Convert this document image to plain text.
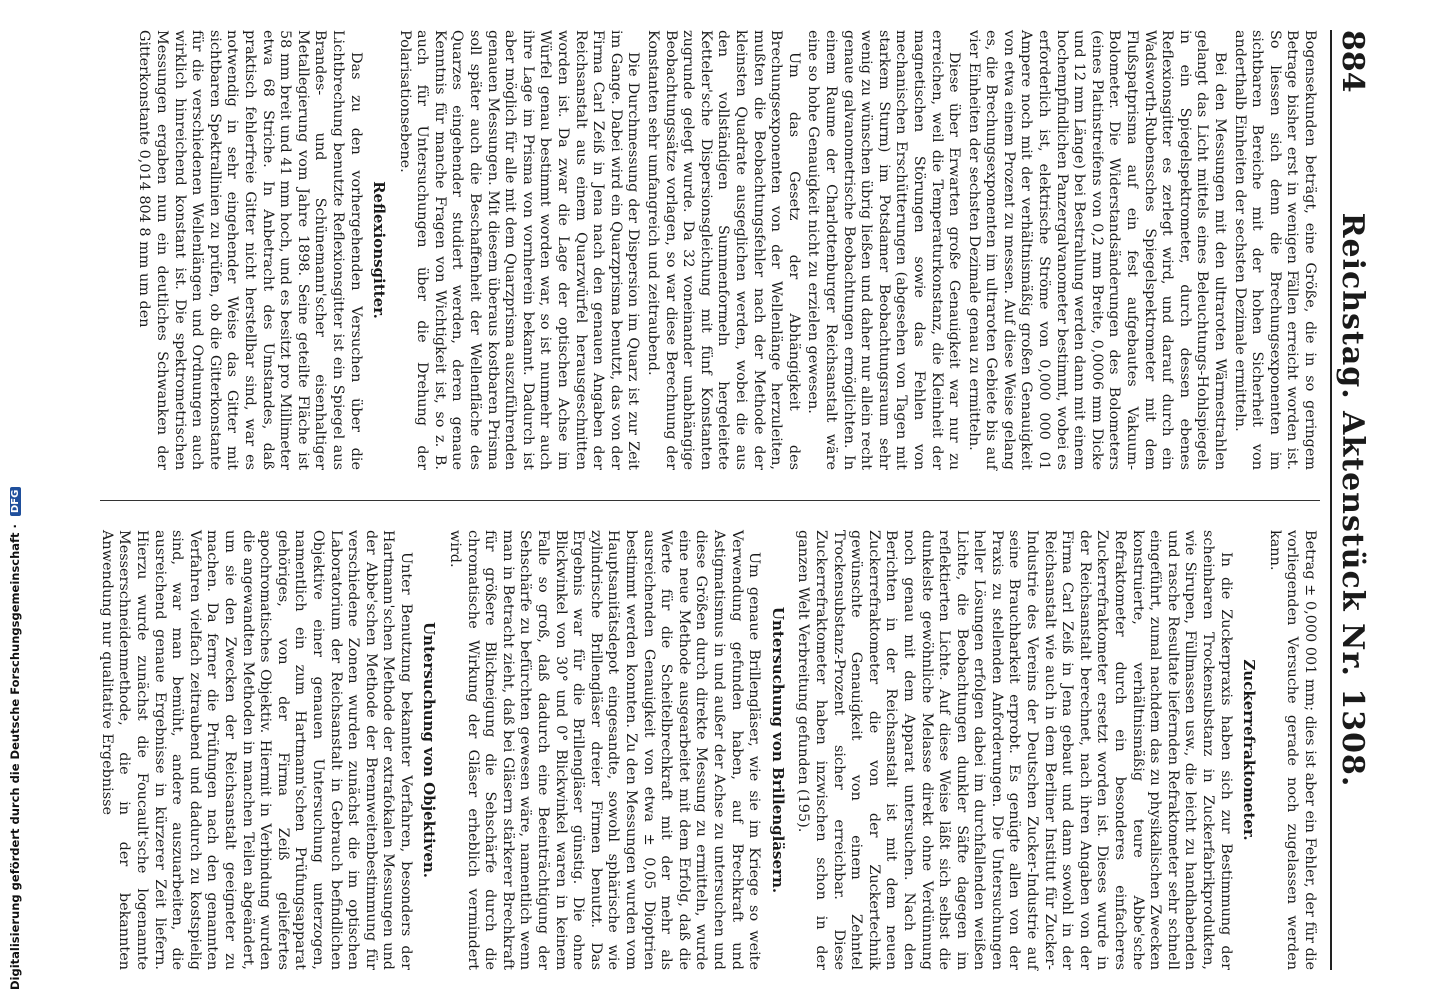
Digitalisierung gefördert durch die Deutsche Forschungsgemeinschaft · DFG
884
Reichstag. Aktenstück Nr. 1308.

Bogensekunden beträgt, eine Größe, die in so geringem Betrage bisher erst in wenigen Fällen erreicht worden ist. So liessen sich denn die Brechungsexponenten im sichtbaren Bereiche mit der hohen Sicherheit von anderthalb Einheiten der sechsten Dezimale ermitteln.

Bei den Messungen mit den ultraroten Wärmestrahlen gelangt das Licht mittels eines Beleuchtungs-Hohlspiegels in ein Spiegelspektrometer, durch dessen ebenes Reflexionsgitter es zerlegt wird, und darauf durch ein Wadsworth-Rubenssches Spiegelspektrometer mit dem Flußspatprisma auf ein fest aufgebautes Vakuum-Bolometer. Die Widerstandsänderungen des Bolometers (eines Platinstreifens von 0,2 mm Breite, 0,0006 mm Dicke und 12 mm Länge) bei Bestrahlung werden dann mit einem hochempfindlichen Panzergalvanometer bestimmt, wobei es erforderlich ist, elektrische Ströme von 0,000 000 01 Ampere noch mit der verhältnismäßig großen Genauigkeit von etwa einem Prozent zu messen. Auf diese Weise gelang es, die Brechungsexponenten im ultraroten Gebiete bis auf vier Einheiten der sechsten Dezimale genau zu ermitteln.

Diese über Erwarten große Genauigkeit war nur zu erreichen, weil die Temperaturkonstanz, die Kleinheit der magnetischen Störungen sowie das Fehlen von mechanischen Erschütterungen (abgesehen von Tagen mit starkem Sturm) im Potsdamer Beobachtungsraum sehr wenig zu wünschen übrig ließen und daher nur allein recht genaue galvanometrische Beobachtungen ermöglichten. In einem Raume der Charlottenburger Reichsanstalt wäre eine so hohe Genauigkeit nicht zu erzielen gewesen.

Um das Gesetz der Abhängigkeit des Brechungsexponenten von der Wellenlänge herzuleiten, mußten die Beobachtungsfehler nach der Methode der kleinsten Quadrate ausgeglichen werden, wobei die aus den vollständigen Summenformeln hergeleitete Ketteler'sche Dispersionsgleichung mit fünf Konstanten zugrunde gelegt wurde. Da 32 voneinander unabhängige Beobachtungssätze vorlagen, so war diese Berechnung der Konstanten sehr umfangreich und zeitraubend.

Die Durchmessung der Dispersion im Quarz ist zur Zeit im Gange. Dabei wird ein Quarzprisma benutzt, das von der Firma Carl Zeiß in Jena nach den genauen Angaben der Reichsanstalt aus einem Quarzwürfel herausgeschnitten worden ist. Da zwar die Lage der optischen Achse im Würfel genau bestimmt worden war, so ist nunmehr auch ihre Lage im Prisma von vornherein bekannt. Dadurch ist aber möglich für alle mit dem Quarzprisma auszuführenden genauen Messungen. Mit diesem überaus kostbaren Prisma soll später auch die Beschaffenheit der Wellenfläche des Quarzes eingehender studiert werden, deren genaue Kenntnis für manche Fragen von Wichtigkeit ist, so z. B. auch für Untersuchungen über die Drehung der Polarisationsebene.

Reflexionsgitter.

Das zu den vorhergehenden Versuchen über die Lichtbrechung benutzte Reflexionsgitter ist ein Spiegel aus Brandes- und Schünemann'scher eisenhaltiger Metallegierung vom Jahre 1898. Seine geteilte Fläche ist 58 mm breit und 41 mm hoch, und es besitzt pro Millimeter etwa 68 Striche. In Anbetracht des Umstandes, daß praktisch fehlerfreie Gitter nicht herstellbar sind, war es notwendig in sehr eingehender Weise das Gitter mit sichtbaren Spektrallinien zu prüfen, ob die Gitterkonstante für die verschiedenen Wellenlängen und Ordnungen auch wirklich hinreichend konstant ist. Die spektrometrischen Messungen ergaben nun ein deutliches Schwanken der Gitterkonstante 0,014 804 8 mm um den

Betrag ± 0,000 001 mm; dies ist aber ein Fehler, der für die vorliegenden Versuche gerade noch zugelassen werden kann.

Zuckerrefraktometer.

In die Zuckerpraxis haben sich zur Bestimmung der scheinbaren Trockensubstanz in Zuckerfabrikprodukten, wie Sirupen, Füllmassen usw., die leicht zu handhabenden und rasche Resultate liefernden Refraktometer sehr schnell eingeführt, zumal nachdem das zu physikalischen Zwecken konstruierte, verhältnismäßig teure Abbe'sche Refraktometer durch ein besonderes einfacheres Zuckerrefraktometer ersetzt worden ist. Dieses wurde in der Reichsanstalt berechnet, nach ihren Angaben von der Firma Carl Zeiß in Jena gebaut und dann sowohl in der Reichsanstalt wie auch in dem Berliner Institut für Zucker-Industrie des Vereins der Deutschen Zucker-Industrie auf seine Brauchbarkeit erprobt. Es genügte allen von der Praxis zu stellenden Anforderungen. Die Untersuchungen heller Lösungen erfolgen dabei im durchfallenden weißen Lichte, die Beobachtungen dunkler Säfte dagegen im reflektierten Lichte. Auf diese Weise läßt sich selbst die dunkelste gewöhnliche Melasse direkt ohne Verdünnung noch genau mit dem Apparat untersuchen. Nach den Berichten in der Reichsanstalt ist mit dem neuen Zuckerrefraktometer die von der Zuckertechnik gewünschte Genauigkeit von einem Zehntel Trockensubstanz-Prozent sicher erreichbar. Diese Zuckerrefraktometer haben inzwischen schon in der ganzen Welt Verbreitung gefunden (195).

Untersuchung von Brillengläsern.

Um genaue Brillengläser, wie sie im Kriege so weite Verwendung gefunden haben, auf Brechkraft und Astigmatismus in und außer der Achse zu untersuchen und diese Größen durch direkte Messung zu ermitteln, wurde eine neue Methode ausgearbeitet mit dem Erfolg, daß die Werte für die Scheitelbrechkraft mit der mehr als ausreichenden Genauigkeit von etwa ± 0,05 Dioptrien bestimmt werden konnten. Zu den Messungen wurden vom Hauptsanitätsdepot eingesandte, sowohl sphärische wie zylindrische Brillengläser dreier Firmen benutzt. Das Ergebnis war für die Brillengläser günstig. Die ohne Blickwinkel von 30° und 0° Blickwinkel waren in keinem Falle so groß, daß dadurch eine Beeinträchtigung der Sehschärfe zu befürchten gewesen wäre, namentlich wenn man in Betracht zieht, daß bei Gläsern stärkerer Brechkraft für größere Blickneigung die Sehschärfe durch die chromatische Wirkung der Gläser erheblich vermindert wird.

Untersuchung von Objektiven.

Unter Benutzung bekannter Verfahren, besonders der Hartmann'schen Methode der extrafokalen Messungen und der Abbe'schen Methode der Brennweitenbestimmung für verschiedene Zonen wurden zunächst die im optischen Laboratorium der Reichsanstalt in Gebrauch befindlichen Objektive einer genauen Untersuchung unterzogen, namentlich ein zum Hartmann'schen Prüfungsapparat gehöriges, von der Firma Zeiß geliefertes apochromatisches Objektiv. Hiermit in Verbindung wurden die angewandten Methoden in manchen Teilen abgeändert, um sie den Zwecken der Reichsanstalt geeigneter zu machen. Da ferner die Prüfungen nach den genannten Verfahren vielfach zeitraubend und dadurch zu kostspielig sind, war man bemüht, andere auszuarbeiten, die ausreichend genaue Ergebnisse in kürzerer Zeit liefern. Hierzu wurde zunächst die Foucault'sche logenannte Messerschneidenmethode, die in der bekannten Anwendung nur qualitative Ergebnisse
